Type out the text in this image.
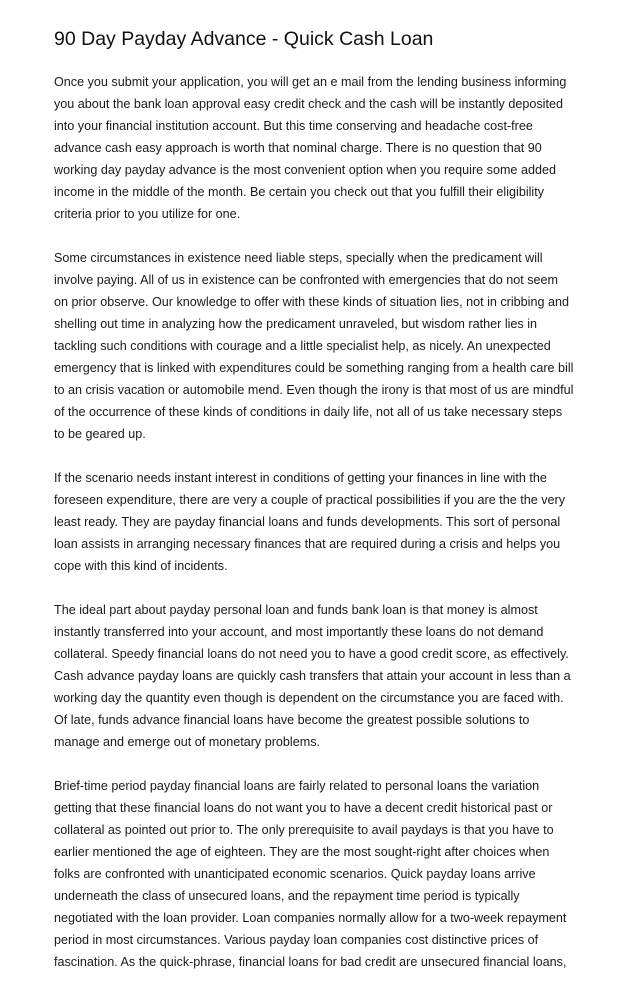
90 Day Payday Advance - Quick Cash Loan

Once you submit your application, you will get an e mail from the lending business informing
you about the bank loan approval easy credit check and the cash will be instantly deposited
into your financial institution account. But this time conserving and headache cost-free
advance cash easy approach is worth that nominal charge. There is no question that 90
working day payday advance is the most convenient option when you require some added
income in the middle of the month. Be certain you check out that you fulfill their eligibility
criteria prior to you utilize for one.

Some circumstances in existence need liable steps, specially when the predicament will
involve paying. All of us in existence can be confronted with emergencies that do not seem
on prior observe. Our knowledge to offer with these kinds of situation lies, not in cribbing and
shelling out time in analyzing how the predicament unraveled, but wisdom rather lies in
tackling such conditions with courage and a little specialist help, as nicely. An unexpected
emergency that is linked with expenditures could be something ranging from a health care bill
to an crisis vacation or automobile mend. Even though the irony is that most of us are mindful
of the occurrence of these kinds of conditions in daily life, not all of us take necessary steps
to be geared up.

If the scenario needs instant interest in conditions of getting your finances in line with the
foreseen expenditure, there are very a couple of practical possibilities if you are the the very
least ready. They are payday financial loans and funds developments. This sort of personal
loan assists in arranging necessary finances that are required during a crisis and helps you
cope with this kind of incidents.

The ideal part about payday personal loan and funds bank loan is that money is almost
instantly transferred into your account, and most importantly these loans do not demand
collateral. Speedy financial loans do not need you to have a good credit score, as effectively.
Cash advance payday loans are quickly cash transfers that attain your account in less than a
working day the quantity even though is dependent on the circumstance you are faced with.
Of late, funds advance financial loans have become the greatest possible solutions to
manage and emerge out of monetary problems.

Brief-time period payday financial loans are fairly related to personal loans the variation
getting that these financial loans do not want you to have a decent credit historical past or
collateral as pointed out prior to. The only prerequisite to avail paydays is that you have to
earlier mentioned the age of eighteen. They are the most sought-right after choices when
folks are confronted with unanticipated economic scenarios. Quick payday loans arrive
underneath the class of unsecured loans, and the repayment time period is typically
negotiated with the loan provider. Loan companies normally allow for a two-week repayment
period in most circumstances. Various payday loan companies cost distinctive prices of
fascination. As the quick-phrase, financial loans for bad credit are unsecured financial loans,
